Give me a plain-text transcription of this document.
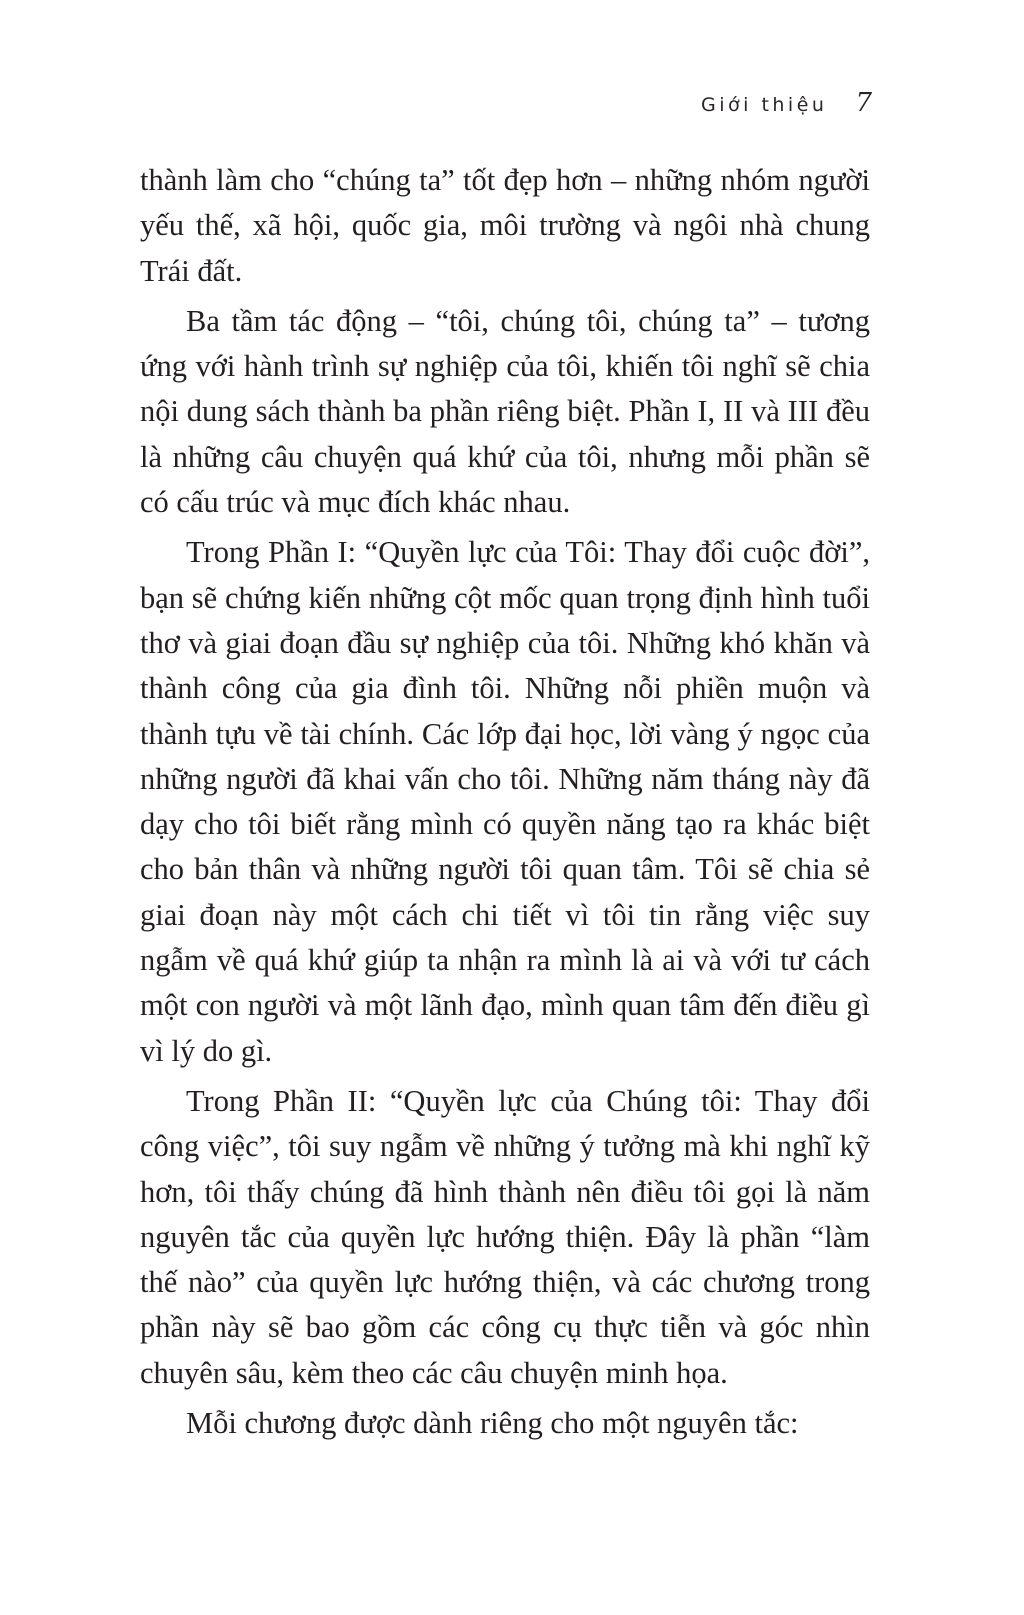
Giới thiệu 7

thành làm cho “chúng ta” tốt đẹp hơn – những nhóm người yếu thế, xã hội, quốc gia, môi trường và ngôi nhà chung Trái đất.

Ba tầm tác động – “tôi, chúng tôi, chúng ta” – tương ứng với hành trình sự nghiệp của tôi, khiến tôi nghĩ sẽ chia nội dung sách thành ba phần riêng biệt. Phần I, II và III đều là những câu chuyện quá khứ của tôi, nhưng mỗi phần sẽ có cấu trúc và mục đích khác nhau.

Trong Phần I: “Quyền lực của Tôi: Thay đổi cuộc đời”, bạn sẽ chứng kiến những cột mốc quan trọng định hình tuổi thơ và giai đoạn đầu sự nghiệp của tôi. Những khó khăn và thành công của gia đình tôi. Những nỗi phiền muộn và thành tựu về tài chính. Các lớp đại học, lời vàng ý ngọc của những người đã khai vấn cho tôi. Những năm tháng này đã dạy cho tôi biết rằng mình có quyền năng tạo ra khác biệt cho bản thân và những người tôi quan tâm. Tôi sẽ chia sẻ giai đoạn này một cách chi tiết vì tôi tin rằng việc suy ngẫm về quá khứ giúp ta nhận ra mình là ai và với tư cách một con người và một lãnh đạo, mình quan tâm đến điều gì vì lý do gì.

Trong Phần II: “Quyền lực của Chúng tôi: Thay đổi công việc”, tôi suy ngẫm về những ý tưởng mà khi nghĩ kỹ hơn, tôi thấy chúng đã hình thành nên điều tôi gọi là năm nguyên tắc của quyền lực hướng thiện. Đây là phần “làm thế nào” của quyền lực hướng thiện, và các chương trong phần này sẽ bao gồm các công cụ thực tiễn và góc nhìn chuyên sâu, kèm theo các câu chuyện minh họa.

Mỗi chương được dành riêng cho một nguyên tắc:
